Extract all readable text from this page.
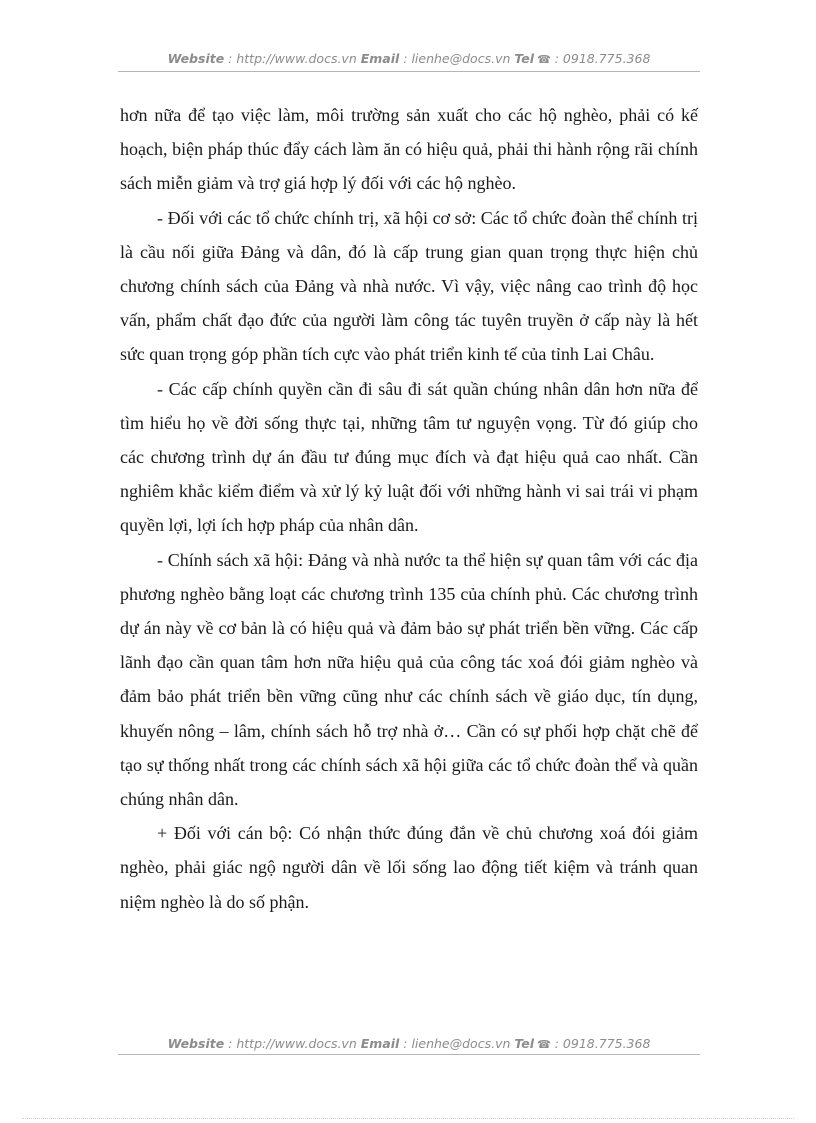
Website : http://www.docs.vn Email : lienhe@docs.vn Tel ☎ : 0918.775.368

hơn nữa để tạo việc làm, môi trường sản xuất cho các hộ nghèo, phải có kế hoạch, biện pháp thúc đẩy cách làm ăn có hiệu quả, phải thi hành rộng rãi chính sách miễn giảm và trợ giá hợp lý đối với các hộ nghèo.

- Đối với các tổ chức chính trị, xã hội cơ sở: Các tổ chức đoàn thể chính trị là cầu nối giữa Đảng và dân, đó là cấp trung gian quan trọng thực hiện chủ chương chính sách của Đảng và nhà nước. Vì vậy, việc nâng cao trình độ học vấn, phẩm chất đạo đức của người làm công tác tuyên truyền ở cấp này là hết sức quan trọng góp phần tích cực vào phát triển kinh tế của tỉnh Lai Châu.

- Các cấp chính quyền cần đi sâu đi sát quần chúng nhân dân hơn nữa để tìm hiểu họ về đời sống thực tại, những tâm tư nguyện vọng. Từ đó giúp cho các chương trình dự án đầu tư đúng mục đích và đạt hiệu quả cao nhất. Cần nghiêm khắc kiểm điểm và xử lý kỷ luật đối với những hành vi sai trái vi phạm quyền lợi, lợi ích hợp pháp của nhân dân.

- Chính sách xã hội: Đảng và nhà nước ta thể hiện sự quan tâm với các địa phương nghèo bằng loạt các chương trình 135 của chính phủ. Các chương trình dự án này về cơ bản là có hiệu quả và đảm bảo sự phát triển bền vững. Các cấp lãnh đạo cần quan tâm hơn nữa hiệu quả của công tác xoá đói giảm nghèo và đảm bảo phát triển bền vững cũng như các chính sách về giáo dục, tín dụng, khuyến nông – lâm, chính sách hỗ trợ nhà ở… Cần có sự phối hợp chặt chẽ để tạo sự thống nhất trong các chính sách xã hội giữa các tổ chức đoàn thể và quần chúng nhân dân.

+ Đối với cán bộ: Có nhận thức đúng đắn về chủ chương xoá đói giảm nghèo, phải giác ngộ người dân về lối sống lao động tiết kiệm và tránh quan niệm nghèo là do số phận.

Website : http://www.docs.vn Email : lienhe@docs.vn Tel ☎ : 0918.775.368
